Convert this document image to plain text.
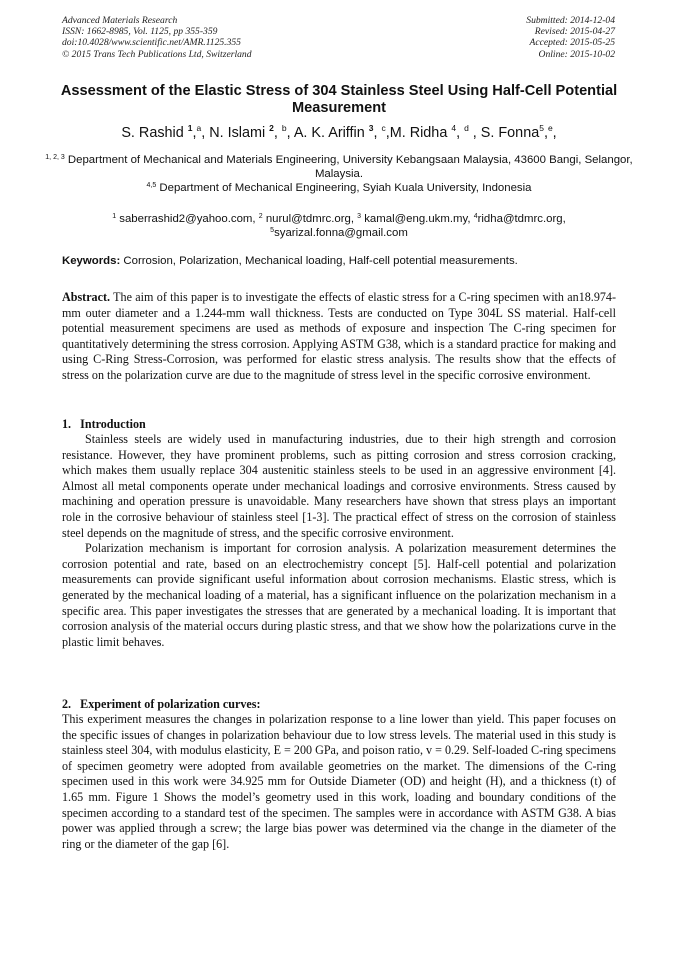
Advanced Materials Research
ISSN: 1662-8985, Vol. 1125, pp 355-359
doi:10.4028/www.scientific.net/AMR.1125.355
© 2015 Trans Tech Publications Ltd, Switzerland
Submitted: 2014-12-04
Revised: 2015-04-27
Accepted: 2015-05-25
Online: 2015-10-02
Assessment of the Elastic Stress of 304 Stainless Steel Using Half-Cell Potential Measurement
S. Rashid $^1$,$^a$, N. Islami $^2$, $^b$, A. K. Ariffin $^3$, $^c$,M. Ridha $^4$, $^d$ , S. Fonna$^5$,$^e$,
$^{1, 2, 3}$ Department of Mechanical and Materials Engineering, University Kebangsaan Malaysia, 43600 Bangi, Selangor, Malaysia.
$^{4,5}$ Department of Mechanical Engineering, Syiah Kuala University, Indonesia
$^1$ saberrashid2@yahoo.com, $^2$ nurul@tdmrc.org, $^3$ kamal@eng.ukm.my, $^4$ridha@tdmrc.org,
$^5$syarizal.fonna@gmail.com
Keywords: Corrosion, Polarization, Mechanical loading, Half-cell potential measurements.
Abstract. The aim of this paper is to investigate the effects of elastic stress for a C-ring specimen with an18.974-mm outer diameter and a 1.244-mm wall thickness. Tests are conducted on Type 304L SS material. Half-cell potential measurement specimens are used as methods of exposure and inspection The C-ring specimen for quantitatively determining the stress corrosion. Applying ASTM G38, which is a standard practice for making and using C-Ring Stress-Corrosion, was performed for elastic stress analysis. The results show that the effects of stress on the polarization curve are due to the magnitude of stress level in the specific corrosive environment.
1.   Introduction

Stainless steels are widely used in manufacturing industries, due to their high strength and corrosion resistance. However, they have prominent problems, such as pitting corrosion and stress corrosion cracking, which makes them usually replace 304 austenitic stainless steels to be used in an aggressive environment [4]. Almost all metal components operate under mechanical loadings and corrosive environments. Stress caused by machining and operation pressure is unavoidable. Many researchers have shown that stress plays an important role in the corrosive behaviour of stainless steel [1-3]. The practical effect of stress on the corrosion of stainless steel depends on the magnitude of stress, and the specific corrosive environment.

Polarization mechanism is important for corrosion analysis. A polarization measurement determines the corrosion potential and rate, based on an electrochemistry concept [5]. Half-cell potential and polarization measurements can provide significant useful information about corrosion mechanisms. Elastic stress, which is generated by the mechanical loading of a material, has a significant influence on the polarization mechanism in a specific area. This paper investigates the stresses that are generated by a mechanical loading. It is important that corrosion analysis of the material occurs during plastic stress, and that we show how the polarizations curve in the plastic limit behaves.

2.   Experiment of polarization curves:

This experiment measures the changes in polarization response to a line lower than yield. This paper focuses on the specific issues of changes in polarization behaviour due to low stress levels. The material used in this study is stainless steel 304, with modulus elasticity, E = 200 GPa, and poison ratio, v = 0.29. Self-loaded C-ring specimens of specimen geometry were adopted from available geometries on the market. The dimensions of the C-ring specimen used in this work were 34.925 mm for Outside Diameter (OD) and height (H), and a thickness (t) of 1.65 mm. Figure 1 Shows the model’s geometry used in this work, loading and boundary conditions of the specimen according to a standard test of the specimen. The samples were in accordance with ASTM G38. A bias power was applied through a screw; the large bias power was determined via the change in the diameter of the ring or the diameter of the gap [6].
